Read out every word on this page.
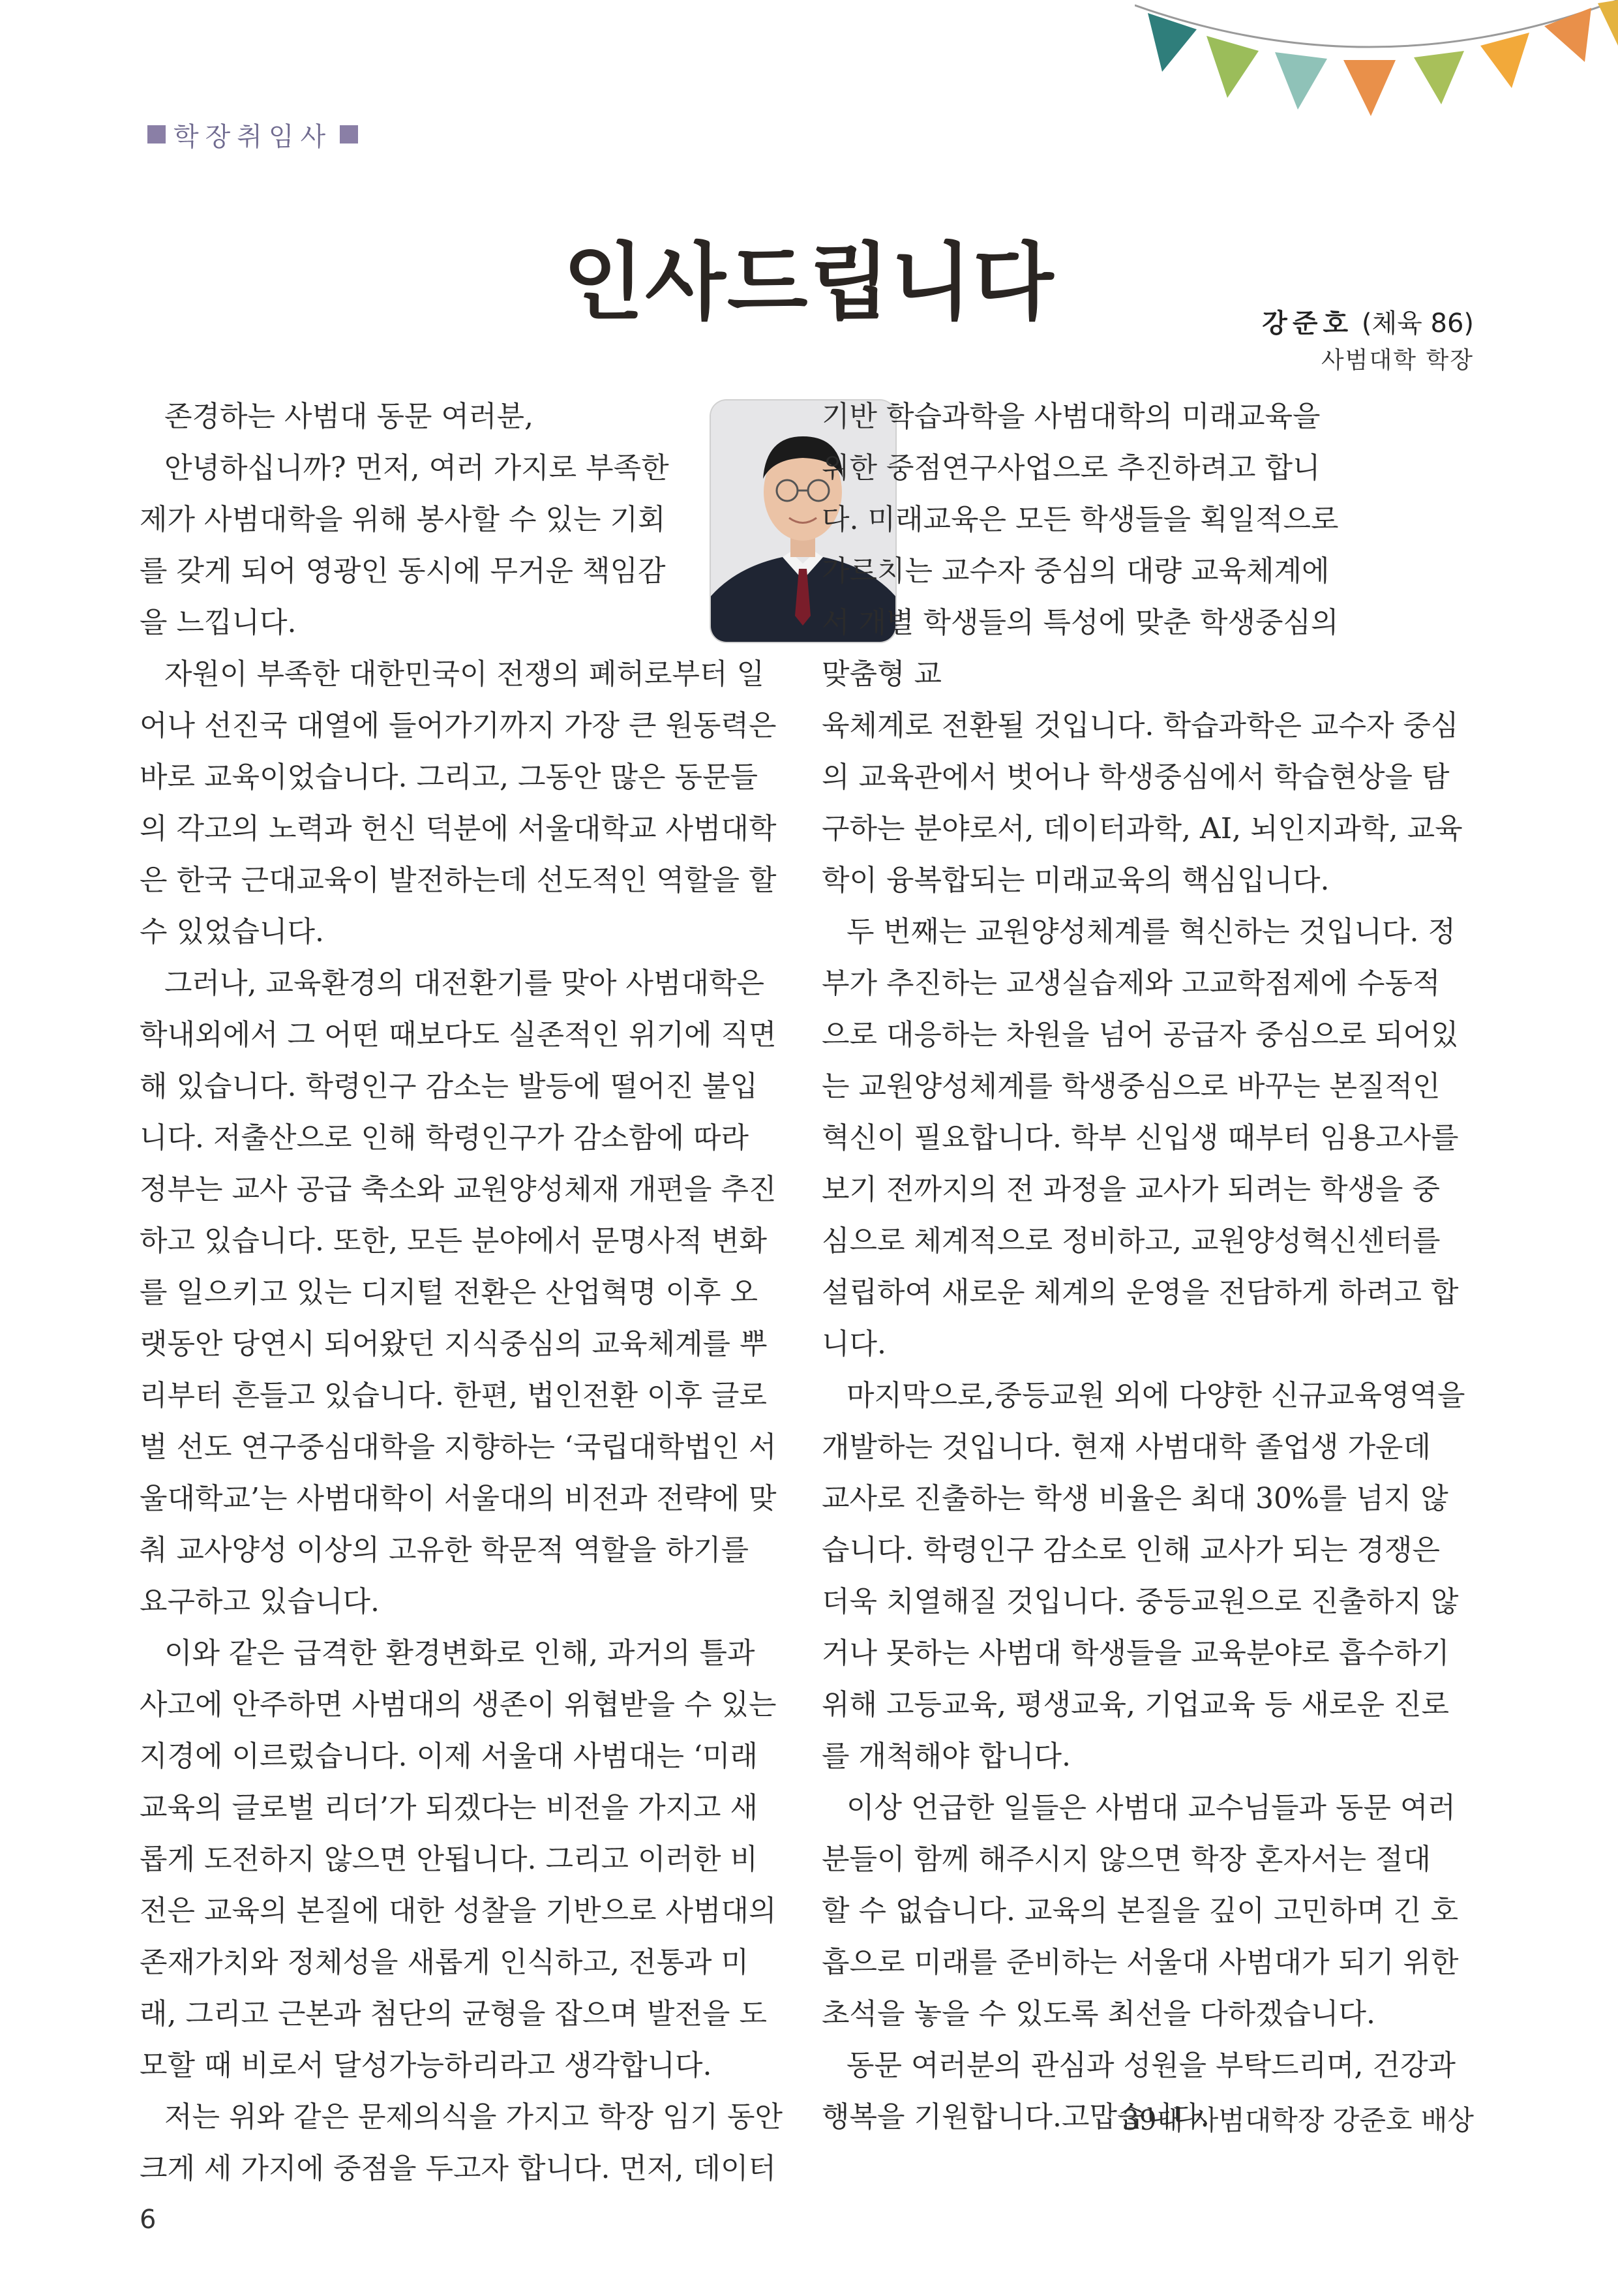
학장취임사
인사드립니다	강준호 (체육 86)
사범대학 학장

존경하는 사범대 동문 여러분,

안녕하십니까? 먼저, 여러 가지로 부족한 제가 사범대학을 위해 봉사할 수 있는 기회를 갖게 되어 영광인 동시에 무거운 책임감을 느낍니다.

자원이 부족한 대한민국이 전쟁의 폐허로부터 일어나 선진국 대열에 들어가기까지 가장 큰 원동력은 바로 교육이었습니다. 그리고, 그동안 많은 동문들의 각고의 노력과 헌신 덕분에 서울대학교 사범대학은 한국 근대교육이 발전하는데 선도적인 역할을 할 수 있었습니다.

그러나, 교육환경의 대전환기를 맞아 사범대학은 학내외에서 그 어떤 때보다도 실존적인 위기에 직면해 있습니다. 학령인구 감소는 발등에 떨어진 불입니다. 저출산으로 인해 학령인구가 감소함에 따라 정부는 교사 공급 축소와 교원양성체재 개편을 추진하고 있습니다. 또한, 모든 분야에서 문명사적 변화를 일으키고 있는 디지털 전환은 산업혁명 이후 오랫동안 당연시 되어왔던 지식중심의 교육체계를 뿌리부터 흔들고 있습니다. 한편, 법인전환 이후 글로벌 선도 연구중심대학을 지향하는 ‘국립대학법인 서울대학교’는 사범대학이 서울대의 비전과 전략에 맞춰 교사양성 이상의 고유한 학문적 역할을 하기를 요구하고 있습니다.

이와 같은 급격한 환경변화로 인해, 과거의 틀과 사고에 안주하면 사범대의 생존이 위협받을 수 있는 지경에 이르렀습니다. 이제 서울대 사범대는 ‘미래교육의 글로벌 리더’가 되겠다는 비전을 가지고 새롭게 도전하지 않으면 안됩니다. 그리고 이러한 비전은 교육의 본질에 대한 성찰을 기반으로 사범대의 존재가치와 정체성을 새롭게 인식하고, 전통과 미래, 그리고 근본과 첨단의 균형을 잡으며 발전을 도모할 때 비로서 달성가능하리라고 생각합니다.

저는 위와 같은 문제의식을 가지고 학장 임기 동안 크게 세 가지에 중점을 두고자 합니다. 먼저, 데이터

기반 학습과학을 사범대학의 미래교육을 위한 중점연구사업으로 추진하려고 합니다. 미래교육은 모든 학생들을 획일적으로 가르치는 교수자 중심의 대량 교육체계에서 개별 학생들의 특성에 맞춘 학생중심의 맞춤형 교

육체계로 전환될 것입니다. 학습과학은 교수자 중심의 교육관에서 벗어나 학생중심에서 학습현상을 탐구하는 분야로서, 데이터과학, AI, 뇌인지과학, 교육학이 융복합되는 미래교육의 핵심입니다.

두 번째는 교원양성체계를 혁신하는 것입니다. 정부가 추진하는 교생실습제와 고교학점제에 수동적으로 대응하는 차원을 넘어 공급자 중심으로 되어있는 교원양성체계를 학생중심으로 바꾸는 본질적인 혁신이 필요합니다. 학부 신입생 때부터 임용고사를 보기 전까지의 전 과정을 교사가 되려는 학생을 중심으로 체계적으로 정비하고, 교원양성혁신센터를 설립하여 새로운 체계의 운영을 전담하게 하려고 합니다.

마지막으로,중등교원 외에 다양한 신규교육영역을 개발하는 것입니다. 현재 사범대학 졸업생 가운데 교사로 진출하는 학생 비율은 최대 30%를 넘지 않습니다. 학령인구 감소로 인해 교사가 되는 경쟁은 더욱 치열해질 것입니다. 중등교원으로 진출하지 않거나 못하는 사범대 학생들을 교육분야로 흡수하기 위해 고등교육, 평생교육, 기업교육 등 새로운 진로를 개척해야 합니다.

이상 언급한 일들은 사범대 교수님들과 동문 여러분들이 함께 해주시지 않으면 학장 혼자서는 절대 할 수 없습니다. 교육의 본질을 깊이 고민하며 긴 호흡으로 미래를 준비하는 서울대 사범대가 되기 위한 초석을 놓을 수 있도록 최선을 다하겠습니다.

동문 여러분의 관심과 성원을 부탁드리며, 건강과 행복을 기원합니다.고맙습니다.

39대 사범대학장 강준호 배상
6
